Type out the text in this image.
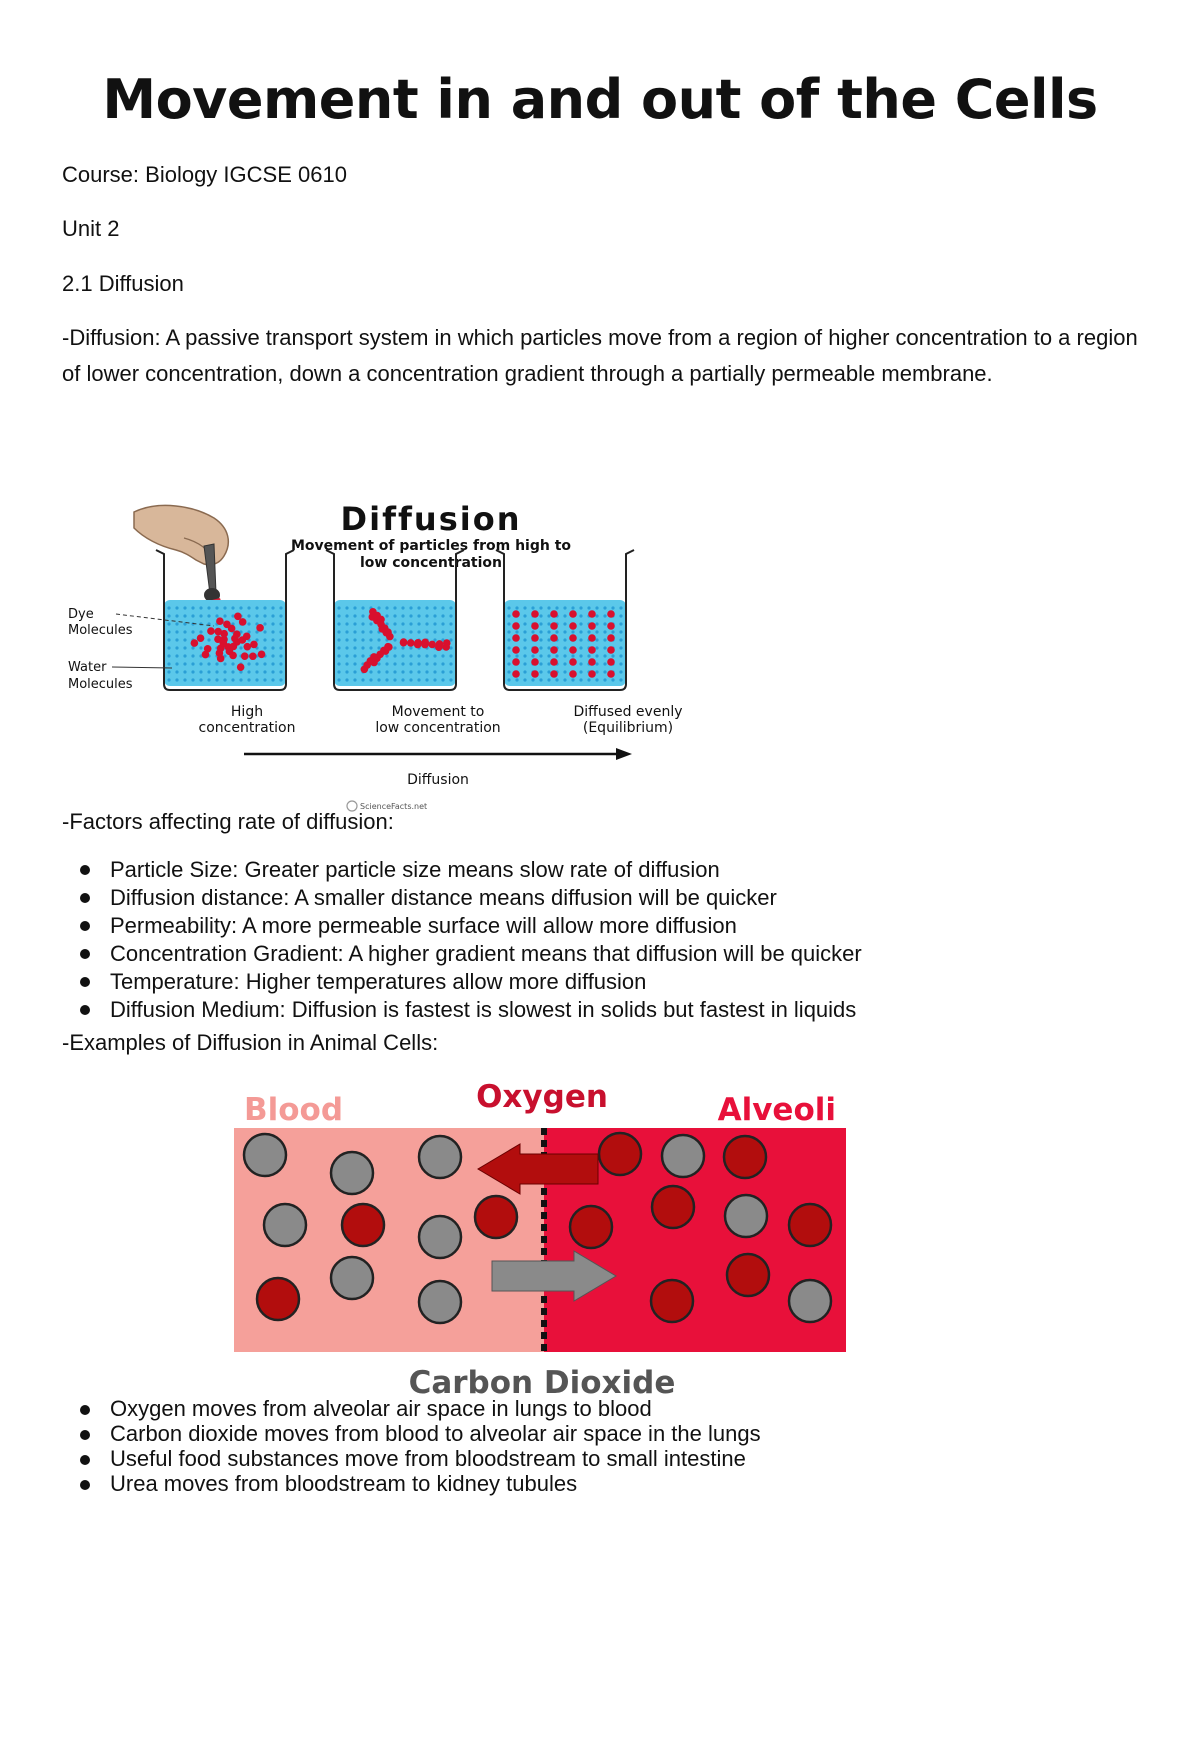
Movement in and out of the Cells
Course: Biology IGCSE 0610
Unit 2
2.1 Diffusion
-Diffusion: A passive transport system in which particles move from a region of higher concentration to a region of lower concentration, down a concentration gradient through a partially permeable membrane.
Diffusion
Movement of particles from high to
low concentration
Dye
Molecules
Water
Molecules
High
concentration
Movement to
low concentration
Diffused evenly
(Equilibrium)
Diffusion
ScienceFacts.net
-Factors affecting rate of diffusion:
Particle Size: Greater particle size means slow rate of diffusion
Diffusion distance: A smaller distance means diffusion will be quicker
Permeability: A more permeable surface will allow more diffusion
Concentration Gradient: A higher gradient means that diffusion will be quicker
Temperature: Higher temperatures allow more diffusion
Diffusion Medium: Diffusion is fastest is slowest in solids but fastest in liquids
-Examples of Diffusion in Animal Cells:
Blood	Oxygen	Alveoli
Carbon Dioxide
Oxygen moves from alveolar air space in lungs to blood
Carbon dioxide moves from blood to alveolar air space in the lungs
Useful food substances move from bloodstream to small intestine
Urea moves from bloodstream to kidney tubules
